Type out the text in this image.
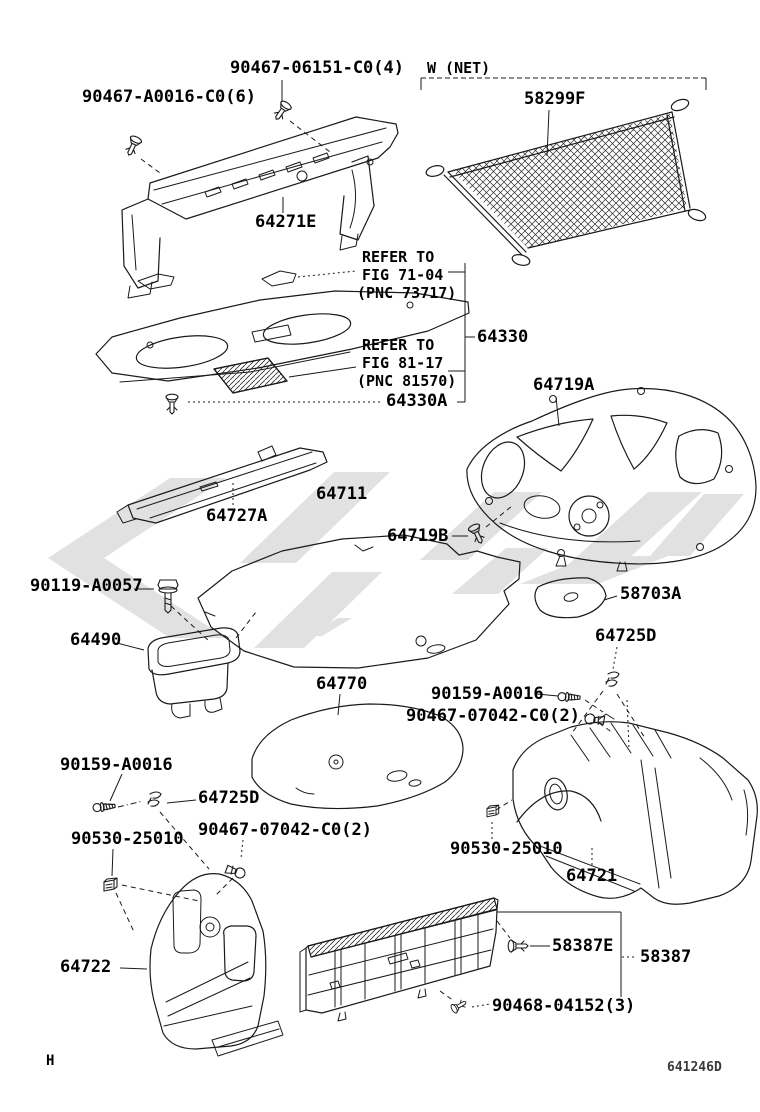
90467-06151-C0(4)
90467-A0016-C0(6)
W (NET)
58299F
64271E
REFER TO
FIG 71-04
(PNC 73717)
64330
REFER TO
FIG 81-17
(PNC 81570)
64330A
64719A
64727A
64711
64719B
90119-A0057	58703A
64490	64725D
64770	90159-A0016
90467-07042-C0(2)
90159-A0016
64725D
90530-25010 90467-07042-C0(2)
90530-25010
64721
64722
58387E
58387
90468-04152(3)
H	641246D
